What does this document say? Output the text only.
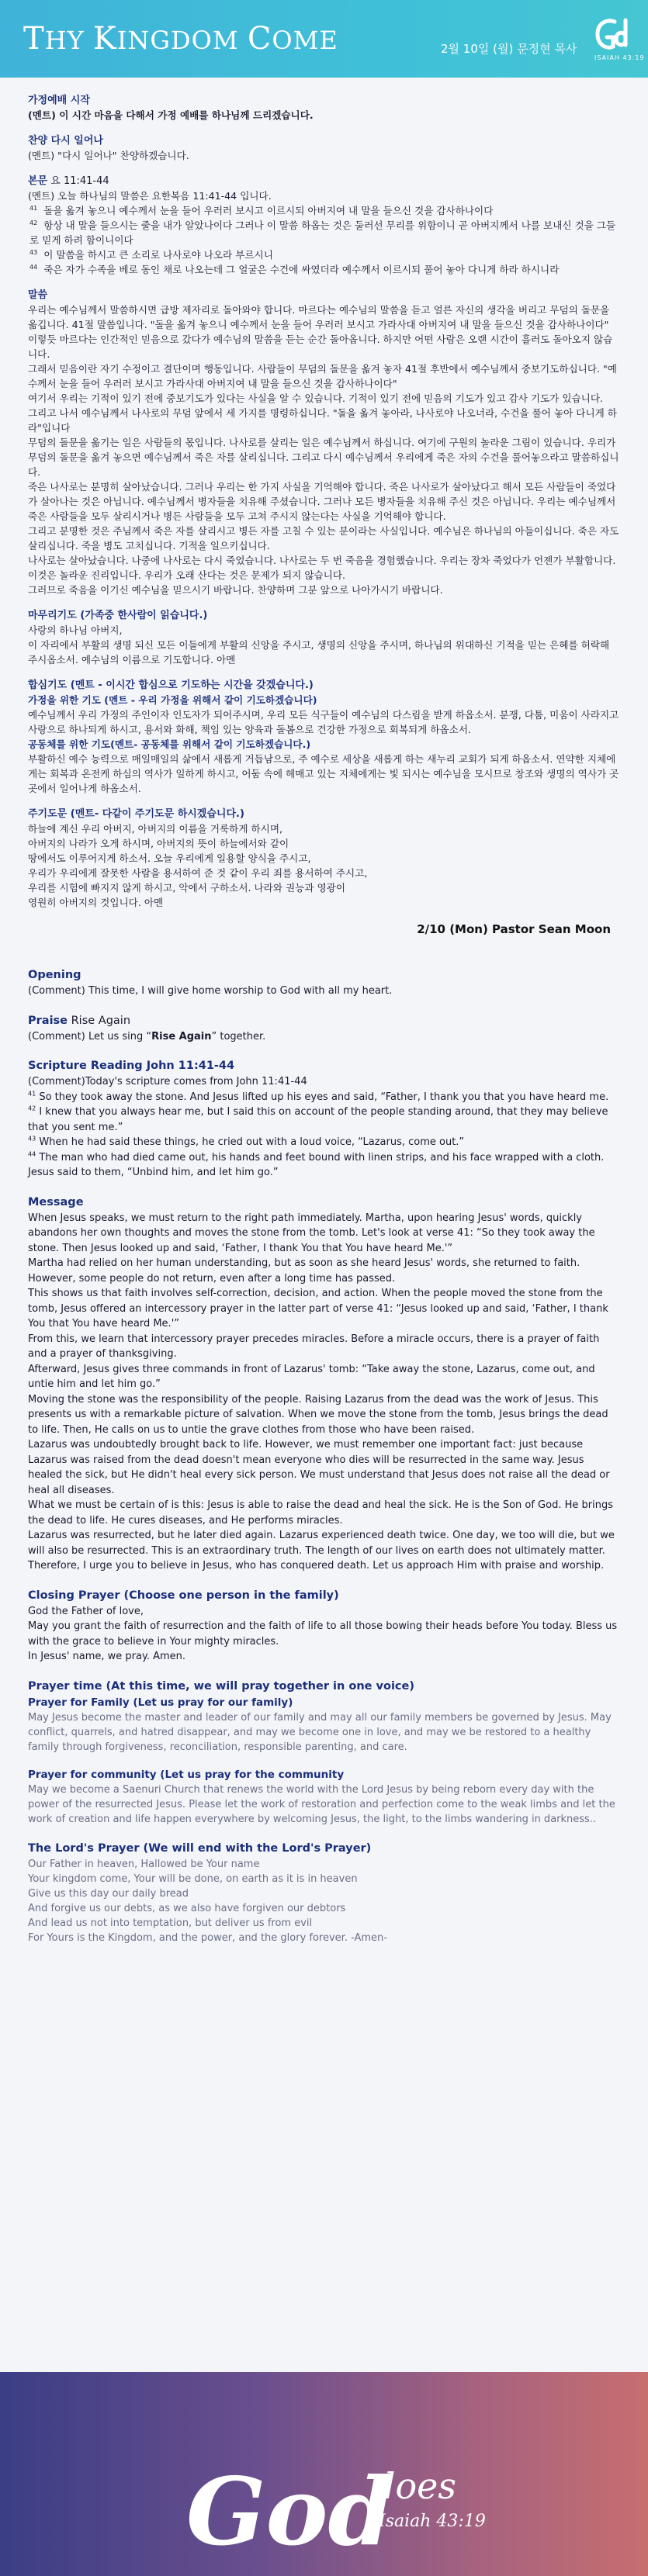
THY KINGDOM COME	2월 10일 (월) 문정현 목사
ISAIAH 43:19
가정예배 시작
(멘트) 이 시간 마음을 다해서 가정 예배를 하나님께 드리겠습니다.
찬양 다시 일어나
(멘트) "다시 일어나" 찬양하겠습니다.
본문 요 11:41-44
(멘트) 오늘 하나님의 말씀은 요한복음 11:41-44 입니다.
$^{41}$ 돌을 옮겨 놓으니 예수께서 눈을 들어 우러러 보시고 이르시되 아버지여 내 말을 들으신 것을 감사하나이다
$^{42}$ 항상 내 말을 들으시는 줄을 내가 알았나이다 그러나 이 말씀 하옵는 것은 둘러선 무리를 위함이니 곧 아버지께서 나를 보내신 것을 그들로 믿게 하려 함이니이다
$^{43}$ 이 말씀을 하시고 큰 소리로 나사로야 나오라 부르시니
$^{44}$ 죽은 자가 수족을 베로 동인 채로 나오는데 그 얼굴은 수건에 싸였더라 예수께서 이르시되 풀어 놓아 다니게 하라 하시니라
말씀
우리는 예수님께서 말씀하시면 급방 제자리로 돌아와야 합니다. 마르다는 예수님의 말씀을 듣고 얼른 자신의 생각을 버리고 무덤의 돌문을 옮깁니다. 41절 말씀입니다. "돌을 옮겨 놓으니 예수께서 눈을 들어 우러러 보시고 가라사대 아버지여 내 말을 들으신 것을 감사하나이다"
이렇듯 마르다는 인간적인 믿음으로 갔다가 예수님의 말씀을 듣는 순간 돌아옵니다. 하지만 어떤 사람은 오랜 시간이 흘러도 돌아오지 않습니다.
그래서 믿음이란 자기 수정이고 결단이며 행동입니다. 사람들이 무덤의 돌문을 옮겨 놓자 41절 후반에서 예수님께서 중보기도하십니다. "예수께서 눈을 들어 우러러 보시고 가라사대 아버지여 내 말을 들으신 것을 감사하나이다"
여기서 우리는 기적이 있기 전에 중보기도가 있다는 사실을 알 수 있습니다. 기적이 있기 전에 믿음의 기도가 있고 감사 기도가 있습니다.
그리고 나서 예수님께서 나사로의 무덤 앞에서 세 가지를 명령하십니다. "돌을 옮겨 놓아라, 나사로야 나오너라, 수건을 풀어 놓아 다니게 하라"입니다
무덤의 돌문을 옮기는 일은 사람들의 몫입니다. 나사로를 살리는 일은 예수님께서 하십니다. 여기에 구원의 놀라운 그림이 있습니다. 우리가 무덤의 돌문을 옮겨 놓으면 예수님께서 죽은 자를 살리십니다. 그리고 다시 예수님께서 우리에게 죽은 자의 수건을 풀어놓으라고 말씀하십니다.
죽은 나사로는 분명히 살아났습니다. 그러나 우리는 한 가지 사실을 기억해야 합니다. 죽은 나사로가 살아났다고 해서 모든 사람들이 죽었다가 살아나는 것은 아닙니다. 예수님께서 병자들을 치유해 주셨습니다. 그러나 모든 병자들을 치유해 주신 것은 아닙니다. 우리는 예수님께서 죽은 사람들을 모두 살리시거나 병든 사람들을 모두 고쳐 주시지 않는다는 사실을 기억해야 합니다.
그리고 분명한 것은 주님께서 죽은 자를 살리시고 병든 자를 고칠 수 있는 분이라는 사실입니다. 예수님은 하나님의 아들이십니다. 죽은 자도 살리십니다. 죽을 병도 고치십니다. 기적을 일으키십니다.
나사로는 살아났습니다. 나중에 나사로는 다시 죽었습니다. 나사로는 두 번 죽음을 경험했습니다. 우리는 장차 죽었다가 언젠가 부활합니다. 이것은 놀라운 진리입니다. 우리가 오래 산다는 것은 문제가 되지 않습니다.
그러므로 죽음을 이기신 예수님을 믿으시기 바랍니다. 찬양하며 그분 앞으로 나아가시기 바랍니다.
마무리기도 (가족중 한사람이 읽습니다.)
사랑의 하나님 아버지,
이 자리에서 부활의 생명 되신 모든 이들에게 부활의 신앙을 주시고, 생명의 신앙을 주시며, 하나님의 위대하신 기적을 믿는 은혜를 허락해 주시옵소서. 예수님의 이름으로 기도합니다. 아멘
합심기도 (멘트 - 이시간 합심으로 기도하는 시간을 갖겠습니다.)
가정을 위한 기도 (멘트 - 우리 가정을 위해서 같이 기도하겠습니다)
예수님께서 우리 가정의 주인이자 인도자가 되어주시며, 우리 모든 식구들이 예수님의 다스림을 받게 하옵소서. 분쟁, 다툼, 미움이 사라지고 사랑으로 하나되게 하시고, 용서와 화해, 책임 있는 양육과 돌봄으로 건강한 가정으로 회복되게 하옵소서.
공동체를 위한 기도(멘트- 공동체를 위해서 같이 기도하겠습니다.)
부활하신 예수 능력으로 매일매일의 삶에서 새롭게 거듭남으로, 주 예수로 세상을 새롭게 하는 새누리 교회가 되게 하옵소서. 연약한 지체에게는 회복과 온전케 하심의 역사가 일하게 하시고, 어둠 속에 헤매고 있는 지체에게는 빛 되시는 예수님을 모시므로 창조와 생명의 역사가 곳곳에서 일어나게 하옵소서.
주기도문 (멘트- 다같이 주기도문 하시겠습니다.)
하늘에 계신 우리 아버지, 아버지의 이름을 거룩하게 하시며,
아버지의 나라가 오게 하시며, 아버지의 뜻이 하늘에서와 같이
땅에서도 이루어지게 하소서. 오늘 우리에게 일용할 양식을 주시고,
우리가 우리에게 잘못한 사람을 용서하여 준 것 같이 우리 죄를 용서하여 주시고,
우리를 시험에 빠지지 않게 하시고, 악에서 구하소서. 나라와 권능과 영광이
영원히 아버지의 것입니다. 아멘
2/10 (Mon) Pastor Sean Moon
Opening
(Comment) This time, I will give home worship to God with all my heart.
Praise Rise Again
(Comment) Let us sing “Rise Again” together.
Scripture Reading John 11:41-44
(Comment)Today's scripture comes from John 11:41-44
$^{41}$ So they took away the stone. And Jesus lifted up his eyes and said, “Father, I thank you that you have heard me.
$^{42}$ I knew that you always hear me, but I said this on account of the people standing around, that they may believe that you sent me.”
$^{43}$ When he had said these things, he cried out with a loud voice, “Lazarus, come out.”
$^{44}$ The man who had died came out, his hands and feet bound with linen strips, and his face wrapped with a cloth. Jesus said to them, “Unbind him, and let him go.”
Message
When Jesus speaks, we must return to the right path immediately. Martha, upon hearing Jesus' words, quickly abandons her own thoughts and moves the stone from the tomb. Let's look at verse 41: “So they took away the stone. Then Jesus looked up and said, ‘Father, I thank You that You have heard Me.'”
Martha had relied on her human understanding, but as soon as she heard Jesus' words, she returned to faith. However, some people do not return, even after a long time has passed.
This shows us that faith involves self-correction, decision, and action. When the people moved the stone from the tomb, Jesus offered an intercessory prayer in the latter part of verse 41: “Jesus looked up and said, ‘Father, I thank You that You have heard Me.'”
From this, we learn that intercessory prayer precedes miracles. Before a miracle occurs, there is a prayer of faith and a prayer of thanksgiving.
Afterward, Jesus gives three commands in front of Lazarus' tomb: “Take away the stone, Lazarus, come out, and untie him and let him go.”
Moving the stone was the responsibility of the people. Raising Lazarus from the dead was the work of Jesus. This presents us with a remarkable picture of salvation. When we move the stone from the tomb, Jesus brings the dead to life. Then, He calls on us to untie the grave clothes from those who have been raised.
Lazarus was undoubtedly brought back to life. However, we must remember one important fact: just because Lazarus was raised from the dead doesn't mean everyone who dies will be resurrected in the same way. Jesus healed the sick, but He didn't heal every sick person. We must understand that Jesus does not raise all the dead or heal all diseases.
What we must be certain of is this: Jesus is able to raise the dead and heal the sick. He is the Son of God. He brings the dead to life. He cures diseases, and He performs miracles.
Lazarus was resurrected, but he later died again. Lazarus experienced death twice. One day, we too will die, but we will also be resurrected. This is an extraordinary truth. The length of our lives on earth does not ultimately matter.
Therefore, I urge you to believe in Jesus, who has conquered death. Let us approach Him with praise and worship.
Closing Prayer (Choose one person in the family)
God the Father of love,
May you grant the faith of resurrection and the faith of life to all those bowing their heads before You today. Bless us with the grace to believe in Your mighty miracles.
In Jesus' name, we pray. Amen.
Prayer time (At this time, we will pray together in one voice)
Prayer for Family (Let us pray for our family)
May Jesus become the master and leader of our family and may all our family members be governed by Jesus. May conflict, quarrels, and hatred disappear, and may we become one in love, and may we be restored to a healthy family through forgiveness, reconciliation, responsible parenting, and care.
Prayer for community (Let us pray for the community
May we become a Saenuri Church that renews the world with the Lord Jesus by being reborn every day with the power of the resurrected Jesus. Please let the work of restoration and perfection come to the weak limbs and let the work of creation and life happen everywhere by welcoming Jesus, the light, to the limbs wandering in darkness..
The Lord's Prayer (We will end with the Lord's Prayer)
Our Father in heaven, Hallowed be Your name
Your kingdom come, Your will be done, on earth as it is in heaven
Give us this day our daily bread
And forgive us our debts, as we also have forgiven our debtors
And lead us not into temptation, but deliver us from evil
For Yours is the Kingdom, and the power, and the glory forever. -Amen-
God
does
Isaiah 43:19
